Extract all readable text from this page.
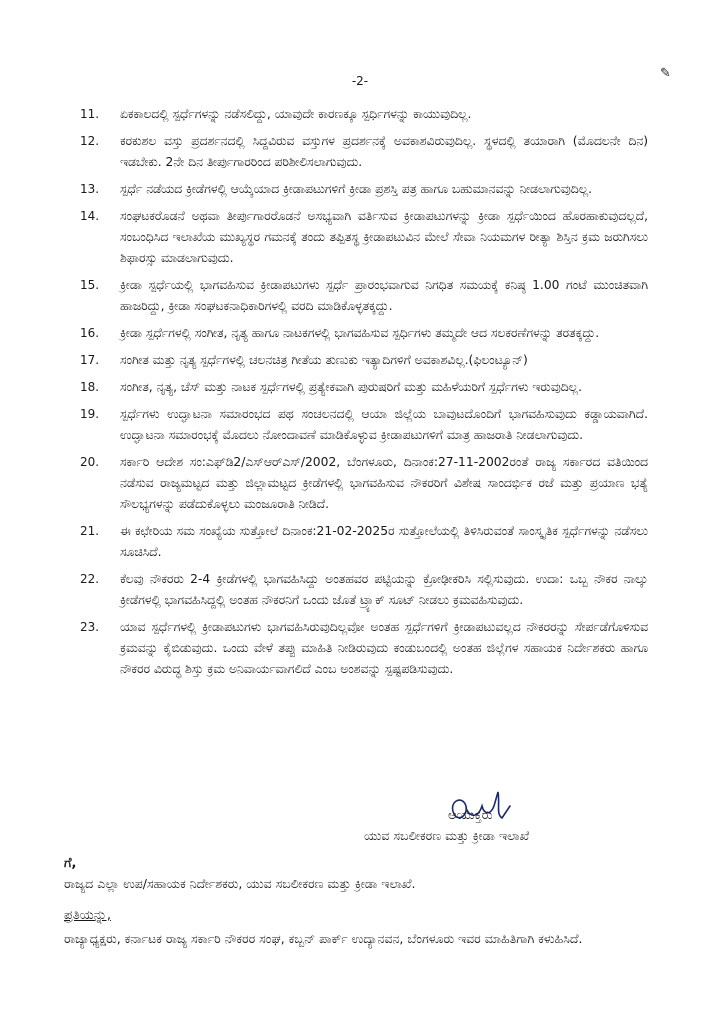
-2-	✎
11.	ಏಕಕಾಲದಲ್ಲಿ ಸ್ಪರ್ಧೆಗಳನ್ನು ನಡೆಸಲಿದ್ದು, ಯಾವುದೇ ಕಾರಣಕ್ಕೂ ಸ್ಪರ್ಧಿಗಳನ್ನು ಕಾಯುವುದಿಲ್ಲ.
12.	ಕರಕುಶಲ ವಸ್ತು ಪ್ರದರ್ಶನದಲ್ಲಿ ಸಿದ್ದವಿರುವ ವಸ್ತುಗಳ ಪ್ರದರ್ಶನಕ್ಕೆ ಅವಕಾಶವಿರುವುದಿಲ್ಲ. ಸ್ಥಳದಲ್ಲಿ ತಯಾರಾಗಿ (ಮೊದಲನೇ ದಿನ) ಇಡಬೇಕು. 2ನೇ ದಿನ ತೀರ್ಪುಗಾರರಿಂದ ಪರಿಶೀಲಿಸಲಾಗುವುದು.
13.	ಸ್ಪರ್ಧೆ ನಡೆಯದ ಕ್ರೀಡೆಗಳಲ್ಲಿ ಆಯ್ಕೆಯಾದ ಕ್ರೀಡಾಪಟುಗಳಿಗೆ ಕ್ರೀಡಾ ಪ್ರಶಸ್ತಿ ಪತ್ರ ಹಾಗೂ ಬಹುಮಾನವನ್ನು ನೀಡಲಾಗುವುದಿಲ್ಲ.
14.	ಸಂಘಟಕರೊಡನೆ ಅಥವಾ ತೀರ್ಪುಗಾರರೊಡನೆ ಅಸಭ್ಯವಾಗಿ ವರ್ತಿಸುವ ಕ್ರೀಡಾಪಟುಗಳನ್ನು ಕ್ರೀಡಾ ಸ್ಪರ್ಧೆಯಿಂದ ಹೊರಹಾಕುವುದಲ್ಲದೆ, ಸಂಬಂಧಿಸಿದ ಇಲಾಖೆಯ ಮುಖ್ಯಸ್ಥರ ಗಮನಕ್ಕೆ ತಂದು ತಪ್ಪಿತಸ್ಥ ಕ್ರೀಡಾಪಟುವಿನ ಮೇಲೆ ಸೇವಾ ನಿಯಮಗಳ ರೀತ್ಯಾ ಶಿಸ್ತಿನ ಕ್ರಮ ಜರುಗಿಸಲು ಶಿಫಾರಸ್ಸು ಮಾಡಲಾಗುವುದು.
15.	ಕ್ರೀಡಾ ಸ್ಪರ್ಧೆಯಲ್ಲಿ ಭಾಗವಹಿಸುವ ಕ್ರೀಡಾಪಟುಗಳು ಸ್ಪರ್ಧೆ ಪ್ರಾರಂಭವಾಗುವ ನಿಗಧಿತ ಸಮಯಕ್ಕೆ ಕನಿಷ್ಠ 1.00 ಗಂಟೆ ಮುಂಚಿತವಾಗಿ ಹಾಜರಿದ್ದು, ಕ್ರೀಡಾ ಸಂಘಟಕನಾಧಿಕಾರಿಗಳಲ್ಲಿ ವರದಿ ಮಾಡಿಕೊಳ್ಳತಕ್ಕದ್ದು.
16.	ಕ್ರೀಡಾ ಸ್ಪರ್ಧೆಗಳಲ್ಲಿ ಸಂಗೀತ, ನೃತ್ಯ ಹಾಗೂ ನಾಟಕಗಳಲ್ಲಿ ಭಾಗವಹಿಸುವ ಸ್ಪರ್ಧಿಗಳು ತಮ್ಮದೇ ಆದ ಸಲಕರಣೆಗಳನ್ನು ತರತಕ್ಕದ್ದು.
17.	ಸಂಗೀತ ಮತ್ತು ನೃತ್ಯ ಸ್ಪರ್ಧೆಗಳಲ್ಲಿ ಚಲನಚಿತ್ರ ಗೀತೆಯ ತುಣುಕು ಇತ್ಯಾದಿಗಳಿಗೆ ಅವಕಾಶವಿಲ್ಲ.(ಫಿಲಂಟ್ಯೂನ್)
18.	ಸಂಗೀತ, ನೃತ್ಯ, ಚೆಸ್ ಮತ್ತು ನಾಟಕ ಸ್ಪರ್ಧೆಗಳಲ್ಲಿ ಪ್ರತ್ಯೇಕವಾಗಿ ಪುರುಷರಿಗೆ ಮತ್ತು ಮಹಿಳೆಯರಿಗೆ ಸ್ಪರ್ಧೆಗಳು ಇರುವುದಿಲ್ಲ.
19.	ಸ್ಪರ್ಧೆಗಳು ಉದ್ಘಾಟನಾ ಸಮಾರಂಭದ ಪಥ ಸಂಚಲನದಲ್ಲಿ ಆಯಾ ಜಿಲ್ಲೆಯ ಬಾವುಟದೊಂದಿಗೆ ಭಾಗವಹಿಸುವುದು ಕಡ್ಡಾಯವಾಗಿದೆ. ಉದ್ಘಾಟನಾ ಸಮಾರಂಭಕ್ಕೆ ಮೊದಲು ನೋಂದಾವಣೆ ಮಾಡಿಕೊಳ್ಳುವ ಕ್ರೀಡಾಪಟುಗಳಿಗೆ ಮಾತ್ರ ಹಾಜರಾತಿ ನೀಡಲಾಗುವುದು.
20.	ಸರ್ಕಾರಿ ಆದೇಶ ಸಂ:ಎಫ್‌ಡಿ2/ಎಸ್‌ಆರ್‌ಎಸ್/2002, ಬೆಂಗಳೂರು, ದಿನಾಂಕ:27-11-2002ರಂತೆ ರಾಜ್ಯ ಸರ್ಕಾರದ ವತಿಯಿಂದ ನಡೆಸುವ ರಾಜ್ಯಮಟ್ಟದ ಮತ್ತು ಜಿಲ್ಲಾಮಟ್ಟದ ಕ್ರೀಡೆಗಳಲ್ಲಿ ಭಾಗವಹಿಸುವ ನೌಕರರಿಗೆ ವಿಶೇಷ ಸಾಂದರ್ಭಿಕ ರಜೆ ಮತ್ತು ಪ್ರಯಾಣ ಭತ್ಯೆ ಸೌಲಭ್ಯಗಳನ್ನು ಪಡೆದುಕೊಳ್ಳಲು ಮಂಜೂರಾತಿ ನೀಡಿದೆ.
21.	ಈ ಕಛೇರಿಯ ಸಮ ಸಂಖ್ಯೆಯ ಸುತ್ತೋಲೆ ದಿನಾಂಕ:21-02-2025ರ ಸುತ್ತೋಲೆಯಲ್ಲಿ ತಿಳಿಸಿರುವಂತೆ ಸಾಂಸ್ಕೃತಿಕ ಸ್ಪರ್ಧೆಗಳನ್ನು ನಡೆಸಲು ಸೂಚಿಸಿದೆ.
22.	ಕೆಲವು ನೌಕರರು 2-4 ಕ್ರೀಡೆಗಳಲ್ಲಿ ಭಾಗವಹಿಸಿದ್ದು ಅಂತಹವರ ಪಟ್ಟಿಯನ್ನು ಕ್ರೋಢೀಕರಿಸಿ ಸಲ್ಲಿಸುವುದು. ಉದಾ: ಒಬ್ಬ ನೌಕರ ನಾಲ್ಕು ಕ್ರೀಡೆಗಳಲ್ಲಿ ಭಾಗವಹಿಸಿದ್ದಲ್ಲಿ ಅಂತಹ ನೌಕರನಿಗೆ ಒಂದು ಜೊತೆ ಟ್ರ್ಯಾಕ್ ಸೂಟ್ ನೀಡಲು ಕ್ರಮವಹಿಸುವುದು.
23.	ಯಾವ ಸ್ಪರ್ಧೆಗಳಲ್ಲಿ ಕ್ರೀಡಾಪಟುಗಳು ಭಾಗವಹಿಸಿರುವುದಿಲ್ಲವೋ ಅಂತಹ ಸ್ಪರ್ಧೆಗಳಿಗೆ ಕ್ರೀಡಾಪಟುವಲ್ಲದ ನೌಕರರನ್ನು ಸೇರ್ಪಡೆಗೊಳಿಸುವ ಕ್ರಮವನ್ನು ಕೈಬಿಡುವುದು. ಒಂದು ವೇಳೆ ತಪ್ಪು ಮಾಹಿತಿ ನೀಡಿರುವುದು ಕಂಡುಬಂದಲ್ಲಿ ಅಂತಹ ಜಿಲ್ಲೆಗಳ ಸಹಾಯಕ ನಿರ್ದೇಶಕರು ಹಾಗೂ ನೌಕರರ ವಿರುದ್ಧ ಶಿಸ್ತು ಕ್ರಮ ಅನಿವಾರ್ಯವಾಗಲಿದೆ ಎಂಬ ಅಂಶವನ್ನು ಸ್ಪಷ್ಟಪಡಿಸುವುದು.
ಆಯುಕ್ತರು
ಯುವ ಸಬಲೀಕರಣ ಮತ್ತು ಕ್ರೀಡಾ ಇಲಾಖೆ
ಗೆ,
ರಾಜ್ಯದ ಎಲ್ಲಾ ಉಪ/ಸಹಾಯಕ ನಿರ್ದೇಶಕರು, ಯುವ ಸಬಲೀಕರಣ ಮತ್ತು ಕ್ರೀಡಾ ಇಲಾಖೆ.
ಪ್ರತಿಯನ್ನು,
ರಾಜ್ಯಾಧ್ಯಕ್ಷರು, ಕರ್ನಾಟಕ ರಾಜ್ಯ ಸರ್ಕಾರಿ ನೌಕರರ ಸಂಘ, ಕಬ್ಬನ್ ಪಾರ್ಕ್ ಉದ್ಯಾನವನ, ಬೆಂಗಳೂರು ಇವರ ಮಾಹಿತಿಗಾಗಿ ಕಳುಹಿಸಿದೆ.
